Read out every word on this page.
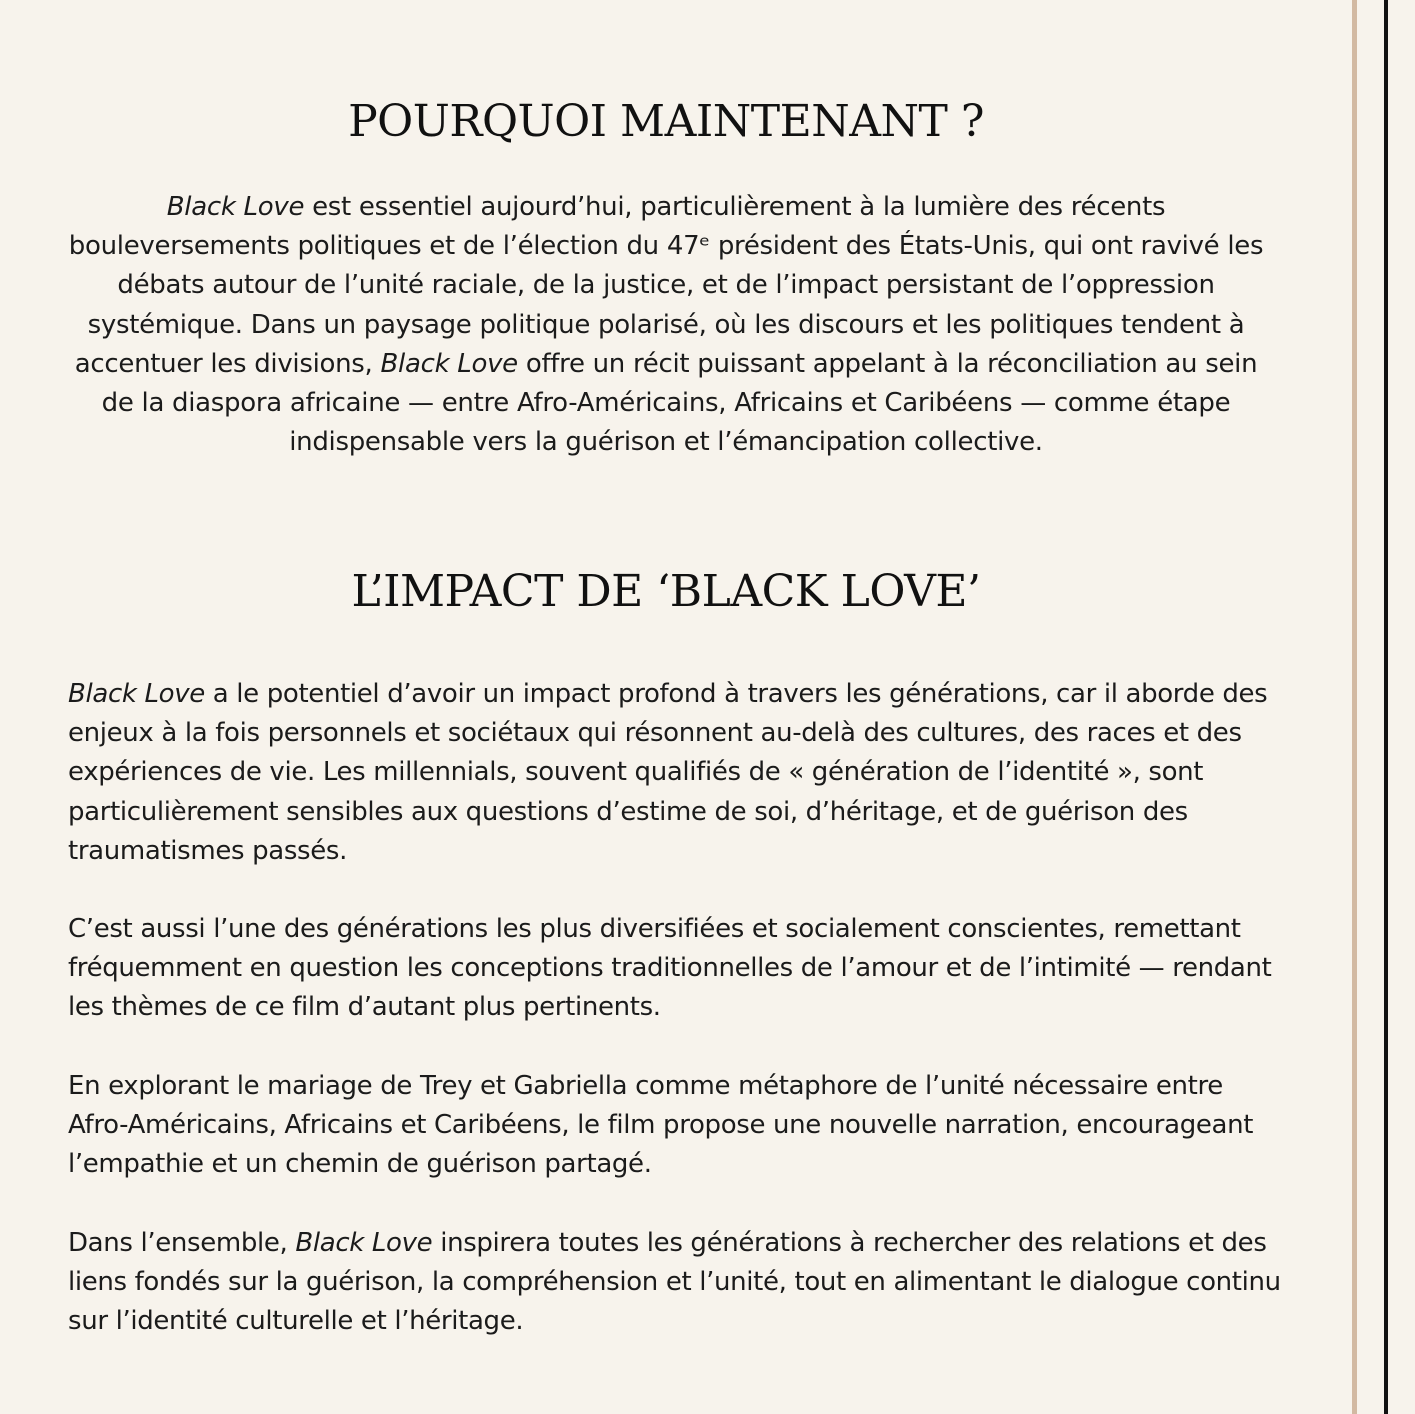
POURQUOI MAINTENANT ?

Black Love est essentiel aujourd’hui, particulièrement à la lumière des récents bouleversements politiques et de l’élection du 47ᵉ président des États-Unis, qui ont ravivé les débats autour de l’unité raciale, de la justice, et de l’impact persistant de l’oppression systémique. Dans un paysage politique polarisé, où les discours et les politiques tendent à accentuer les divisions, Black Love offre un récit puissant appelant à la réconciliation au sein de la diaspora africaine — entre Afro-Américains, Africains et Caribéens — comme étape indispensable vers la guérison et l’émancipation collective.

L’IMPACT DE ‘BLACK LOVE’

Black Love a le potentiel d’avoir un impact profond à travers les générations, car il aborde des enjeux à la fois personnels et sociétaux qui résonnent au-delà des cultures, des races et des expériences de vie. Les millennials, souvent qualifiés de « génération de l’identité », sont particulièrement sensibles aux questions d’estime de soi, d’héritage, et de guérison des traumatismes passés.

C’est aussi l’une des générations les plus diversifiées et socialement conscientes, remettant fréquemment en question les conceptions traditionnelles de l’amour et de l’intimité — rendant les thèmes de ce film d’autant plus pertinents.

En explorant le mariage de Trey et Gabriella comme métaphore de l’unité nécessaire entre Afro-Américains, Africains et Caribéens, le film propose une nouvelle narration, encourageant l’empathie et un chemin de guérison partagé.

Dans l’ensemble, Black Love inspirera toutes les générations à rechercher des relations et des liens fondés sur la guérison, la compréhension et l’unité, tout en alimentant le dialogue continu sur l’identité culturelle et l’héritage.
